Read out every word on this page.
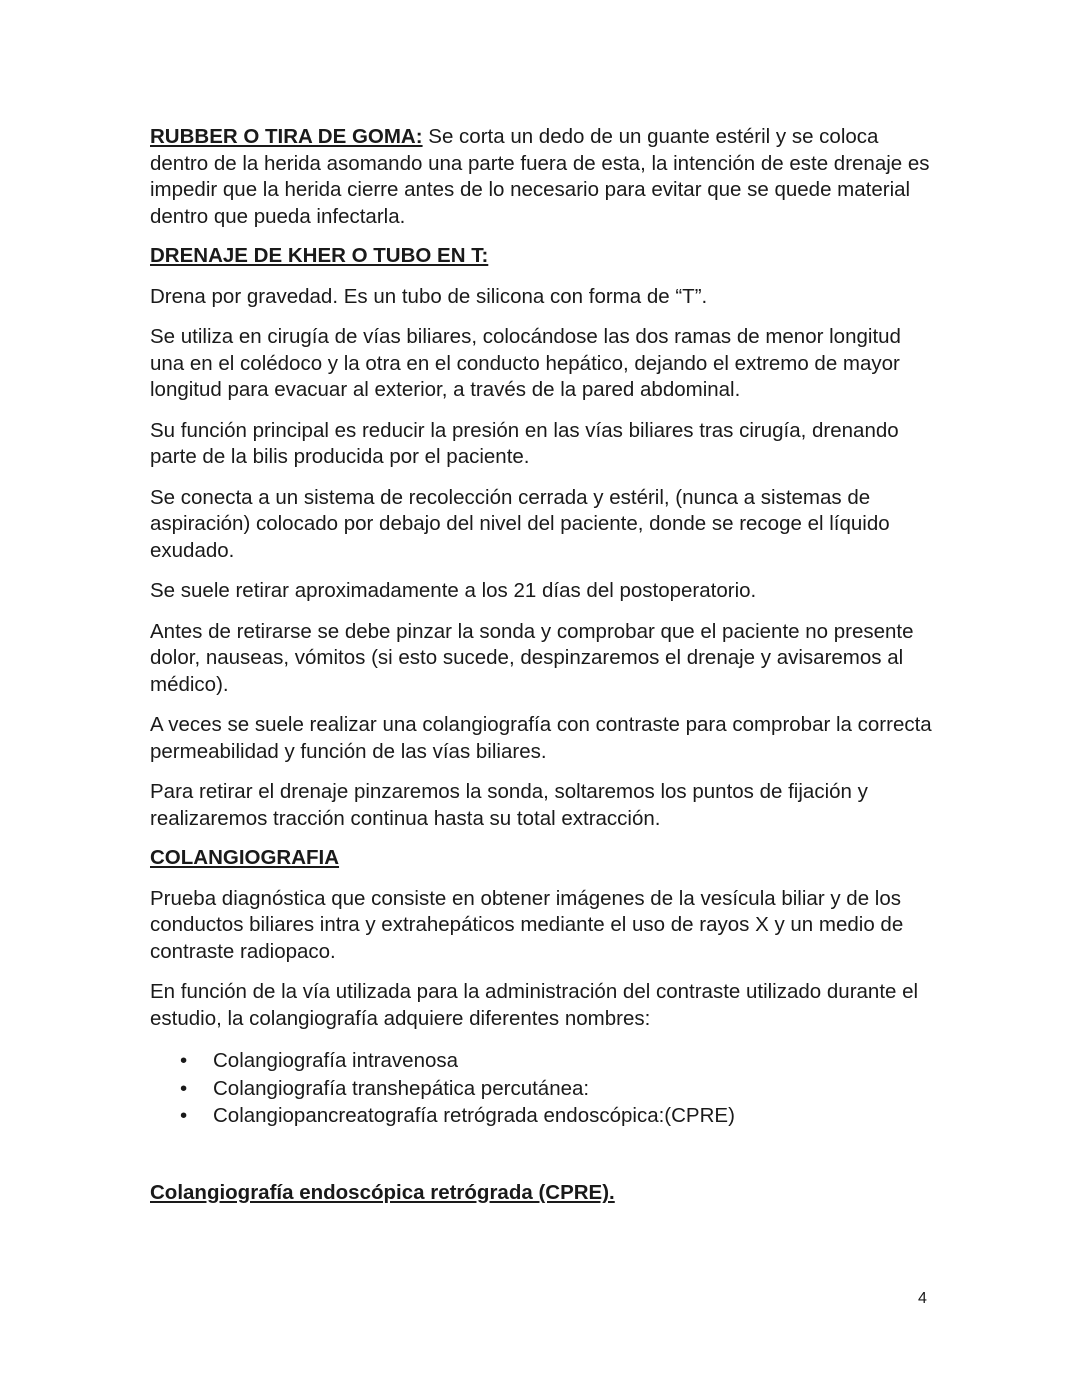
RUBBER O TIRA DE GOMA: Se corta un dedo de un guante estéril y se coloca dentro de la herida asomando una parte fuera de esta, la intención de este drenaje es impedir que la herida cierre antes de lo necesario para evitar que se quede material dentro que pueda infectarla.

DRENAJE DE KHER O TUBO EN T:

Drena por gravedad. Es un tubo de silicona con forma de “T”.

Se utiliza en cirugía de vías biliares, colocándose las dos ramas de menor longitud una en el colédoco y la otra en el conducto hepático, dejando el extremo de mayor longitud para evacuar al exterior, a través de la pared abdominal.

Su función principal es reducir la presión en las vías biliares tras cirugía, drenando parte de la bilis producida por el paciente.

Se conecta a un sistema de recolección cerrada y estéril, (nunca a sistemas de aspiración) colocado por debajo del nivel del paciente, donde se recoge el líquido exudado.

Se suele retirar aproximadamente a los 21 días del postoperatorio.

Antes de retirarse se debe pinzar la sonda y comprobar que el paciente no presente dolor, nauseas, vómitos (si esto sucede, despinzaremos el drenaje y avisaremos al médico).

A veces se suele realizar una colangiografía con contraste para comprobar la correcta permeabilidad y función de las vías biliares.

Para retirar el drenaje pinzaremos la sonda, soltaremos los puntos de fijación y realizaremos tracción continua hasta su total extracción.

COLANGIOGRAFIA

Prueba diagnóstica que consiste en obtener imágenes de la vesícula biliar y de los conductos biliares intra y extrahepáticos mediante el uso de rayos X y un medio de contraste radiopaco.

En función de la vía utilizada para la administración del contraste utilizado durante el estudio, la colangiografía adquiere diferentes nombres:

• Colangiografía intravenosa
• Colangiografía transhepática percutánea:
• Colangiopancreatografía retrógrada endoscópica:(CPRE)
Colangiografía endoscópica retrógrada (CPRE).
4
